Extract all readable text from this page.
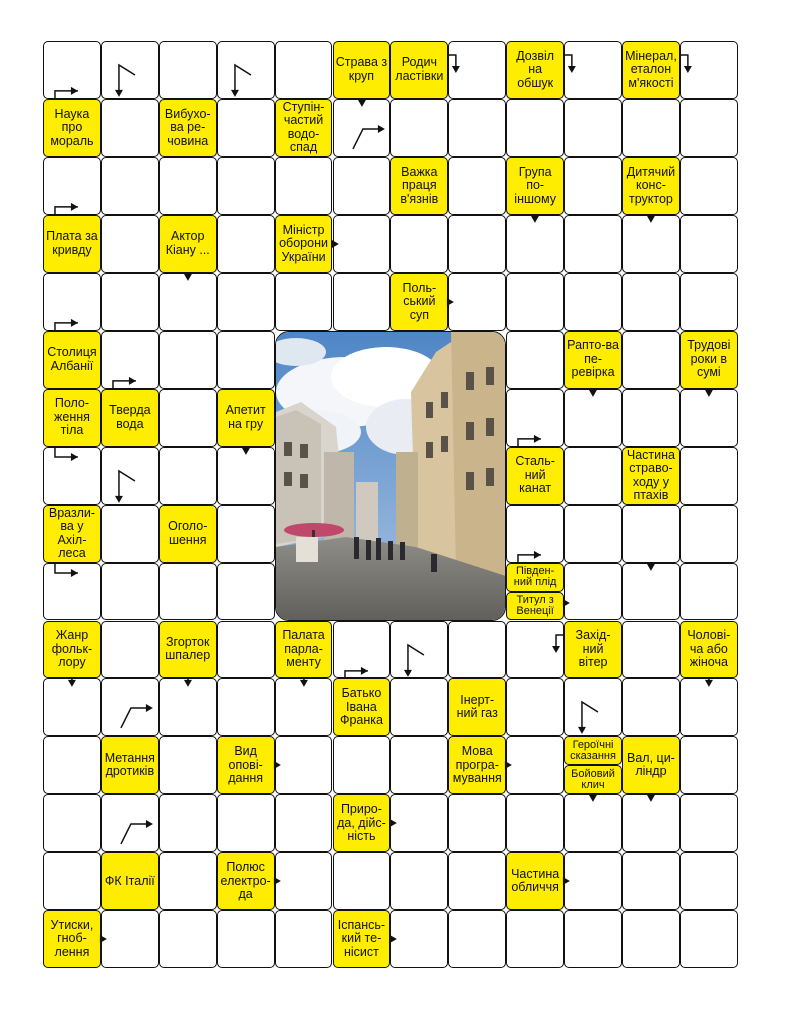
Страва з круп
Родич ластівки
Дозвіл на обшук
Мінерал, еталон м'якості
Наука про мораль
Вибухо-ва ре-човина
Ступін-частий водо-спад
Важка праця в'язнів
Група по-іншому
Дитячий конс-труктор
Плата за кривду
Актор Кіану ...
Міністр оборони України
Поль-ський суп
Столиця Албанії
Рапто-ва пе-ревірка
Трудові роки в сумі
Поло-ження тіла
Тверда вода
Апетит на гру
Сталь-ний канат
Частина страво-ходу у птахів
Вразли-ва у Ахіл-леса
Оголо-шення
Півден-ний плід
Титул з Венеції
Жанр фольк-лору
Згорток шпалер
Палата парла-менту
Захід-ний вітер
Чолові-ча або жіноча
Батько Івана Франка
Інерт-ний газ
Метання дротиків
Вид опові-дання
Мова програ-мування
Героїчні сказання
Бойовий клич
Вал, ци-ліндр
Приро-да, дійс-ність
ФК Італії
Полюс електро-да
Частина обличчя
Утиски, гноб-лення
Іспансь-кий те-нісист
